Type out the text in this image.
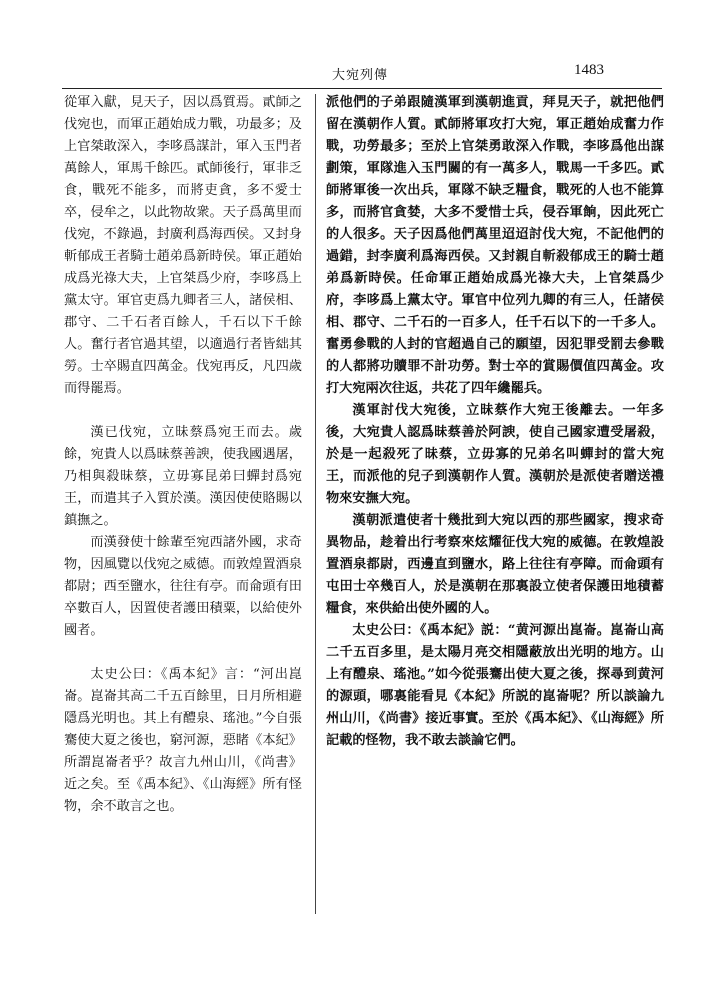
大宛列傳	1483

從軍入獻，見天子，因以爲質焉。貳師之伐宛也，而軍正趙始成力戰，功最多；及上官桀敢深入，李哆爲謀計，軍入玉門者萬餘人，軍馬千餘匹。貳師後行，軍非乏食，戰死不能多，而將吏貪，多不愛士卒，侵牟之，以此物故衆。天子爲萬里而伐宛，不錄過，封廣利爲海西侯。又封身斬郁成王者騎士趙弟爲新時侯。軍正趙始成爲光祿大夫，上官桀爲少府，李哆爲上黨太守。軍官吏爲九卿者三人，諸侯相、郡守、二千石者百餘人，千石以下千餘人。奮行者官過其望，以適過行者皆絀其勞。士卒賜直四萬金。伐宛再反，凡四歲而得罷焉。

漢已伐宛，立昧蔡爲宛王而去。歲餘，宛貴人以爲昧蔡善諛，使我國遇屠，乃相與殺昧蔡，立毋寡昆弟曰蟬封爲宛王，而遣其子入質於漢。漢因使使賂賜以鎮撫之。

而漢發使十餘輩至宛西諸外國，求奇物，因風覽以伐宛之威德。而敦煌置酒泉都尉；西至鹽水，往往有亭。而侖頭有田卒數百人，因置使者護田積粟，以給使外國者。

太史公曰：《禹本紀》言：“河出崑崙。崑崙其高二千五百餘里，日月所相避隱爲光明也。其上有醴泉、瑤池。”今自張騫使大夏之後也，窮河源，惡睹《本紀》所謂崑崙者乎？故言九州山川，《尚書》近之矣。至《禹本紀》、《山海經》所有怪物，余不敢言之也。

派他們的子弟跟隨漢軍到漢朝進貢，拜見天子，就把他們留在漢朝作人質。貳師將軍攻打大宛，軍正趙始成奮力作戰，功勞最多；至於上官桀勇敢深入作戰，李哆爲他出謀劃策，軍隊進入玉門關的有一萬多人，戰馬一千多匹。貳師將軍後一次出兵，軍隊不缺乏糧食，戰死的人也不能算多，而將官貪婪，大多不愛惜士兵，侵吞軍餉，因此死亡的人很多。天子因爲他們萬里迢迢討伐大宛，不記他們的過錯，封李廣利爲海西侯。又封親自斬殺郁成王的騎士趙弟爲新時侯。任命軍正趙始成爲光祿大夫，上官桀爲少府，李哆爲上黨太守。軍官中位列九卿的有三人，任諸侯相、郡守、二千石的一百多人，任千石以下的一千多人。奮勇參戰的人封的官超過自己的願望，因犯罪受罰去參戰的人都將功贖罪不計功勞。對士卒的賞賜價值四萬金。攻打大宛兩次往返，共花了四年纔罷兵。

漢軍討伐大宛後，立昧蔡作大宛王後離去。一年多後，大宛貴人認爲昧蔡善於阿諛，使自己國家遭受屠殺，於是一起殺死了昧蔡，立毋寡的兄弟名叫蟬封的當大宛王，而派他的兒子到漢朝作人質。漢朝於是派使者贈送禮物來安撫大宛。

漢朝派遣使者十幾批到大宛以西的那些國家，搜求奇異物品，趁着出行考察來炫耀征伐大宛的威德。在敦煌設置酒泉都尉，西邊直到鹽水，路上往往有亭障。而侖頭有屯田士卒幾百人，於是漢朝在那裏設立使者保護田地積蓄糧食，來供給出使外國的人。

太史公曰：《禹本紀》説：“黄河源出崑崙。崑崙山高二千五百多里，是太陽月亮交相隱蔽放出光明的地方。山上有醴泉、瑤池。”如今從張騫出使大夏之後，探尋到黄河的源頭，哪裏能看見《本紀》所説的崑崙呢？所以談論九州山川，《尚書》接近事實。至於《禹本紀》、《山海經》所記載的怪物，我不敢去談論它們。
